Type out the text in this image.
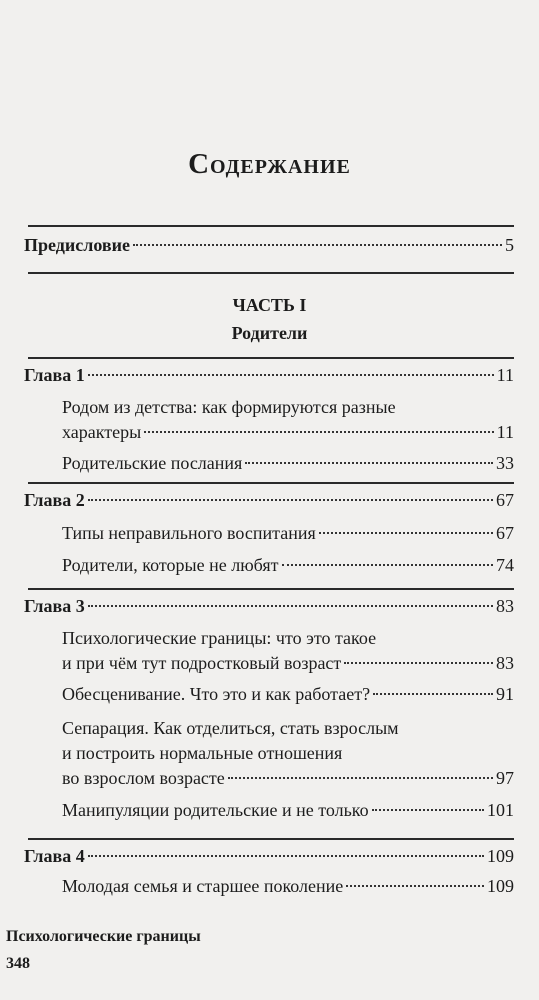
Содержание
Предисловие	5
ЧАСТЬ I
Родители
Глава 1	11
Родом из детства: как формируются разные
характеры	11
Родительские послания	33
Глава 2	67
Типы неправильного воспитания	67
Родители, которые не любят	74
Глава 3	83
Психологические границы: что это такое
и при чём тут подростковый возраст	83
Обесценивание. Что это и как работает?	91
Сепарация. Как отделиться, стать взрослым
и построить нормальные отношения
во взрослом возрасте	97
Манипуляции родительские и не только	101
Глава 4	109
Молодая семья и старшее поколение	109
Психологические границы
348
